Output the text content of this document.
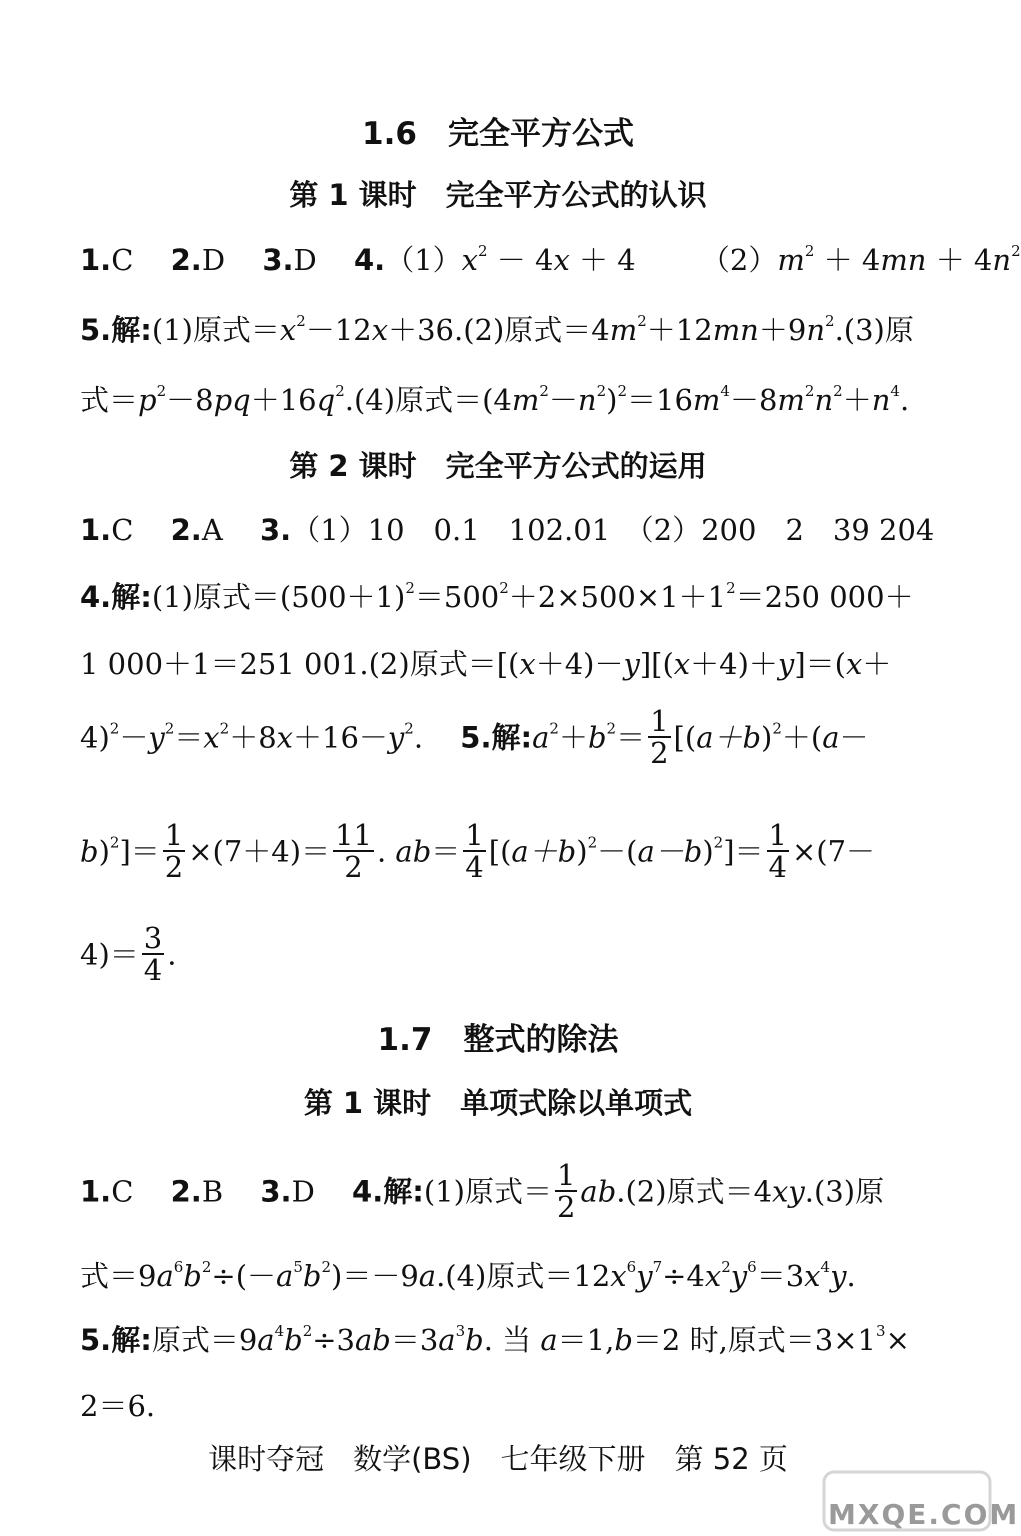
1.6　完全平方公式
第 1 课时　完全平方公式的认识
1.C 2.D 3.D $4.(1)x^2 - 4x + 4$ $(2)m^2 + 4mn + 4n^2$
5.解:(1)原式$=x^2-12x+36.(2)$原式$=4m^2+12mn+9n^2.(3)$原
式$=p^2-8pq+16q^2.(4)$原式$=(4m^2-n^2)^2=16m^4-8m^2n^2+n^4$.
第 2 课时　完全平方公式的运用
1.C 2.A 3.（1）10　0.1　102.01　（2）200　2　39 204
4.解:(1)原式$=(500+1)^2=500^2+2\times 500\times 1+1^2=250$ 000＋
1 000＋1＝251 001.(2)原式＝[(x＋4)－y][(x＋4)＋y]＝(x＋
$4)^2-y^2=x^2+8x+16-y^2$. 5.解$:a^2+b^2= \frac{1}{2} [(a+b)^2+(a-$
$b)^2]= \frac{1}{2} \times(7+4)= \frac{11}{2}$ . $ab= \frac{1}{4} [(a+b)^2-(a-b)^2]= \frac{1}{4} \times(7-$
$4)= \frac{3}{4}$ .
1.7　整式的除法
第 1 课时　单项式除以单项式
1.C 2.B 3.D 4.解:(1)原式＝ $\frac{1}{2} ab.(2)$原式＝4xy.(3)原
式$=9a^6b^2\div(-a^5b^2)=-9a.(4)$原式$=12x^6y^7\div 4x^2y^6=3x^4y$.
5.解:原式$=9a^4b^2\div 3ab=3a^3b$. 当 a＝1,b＝2 时,原式$=3\times 1^3\times$
2＝6.
课时夺冠　数学(BS)　七年级下册　第 52 页
MXQE.COM
